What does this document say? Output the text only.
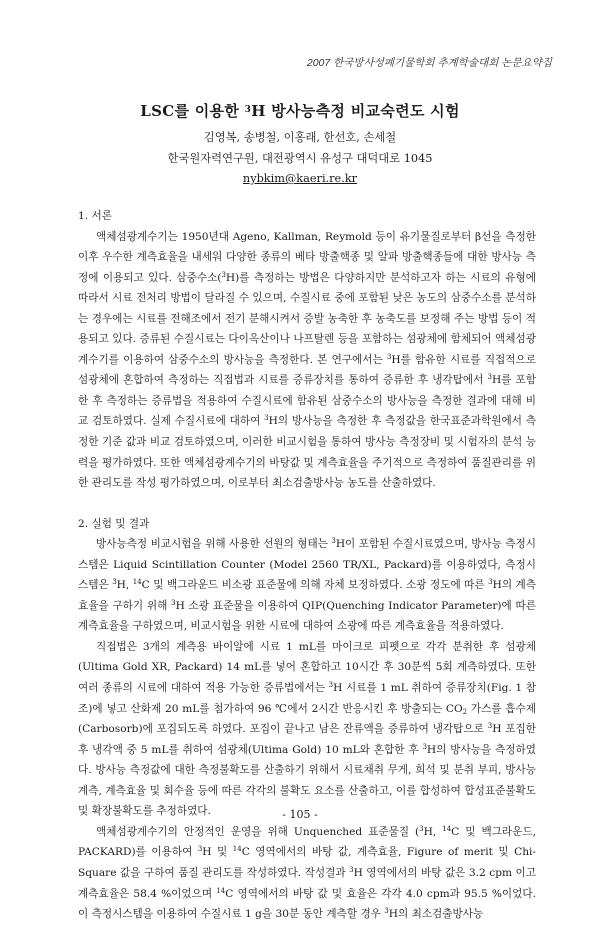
2007 한국방사성폐기물학회 추계학술대회 논문요약집
LSC를 이용한 $^3$H 방사능측정 비교숙련도 시험
김영복, 송병철, 이홍래, 한선호, 손세철
한국원자력연구원, 대전광역시 유성구 대덕대로 1045
nybkim@kaeri.re.kr
1. 서론
액체섬광계수기는 1950년대 Ageno, Kallman, Reymold 등이 유기물질로부터 β선을 측정한 이후 우수한 계측효율을 내세워 다양한 종류의 베타 방출핵종 및 알파 방출핵종들에 대한 방사능 측정에 이용되고 있다. 삼중수소($^3$H)를 측정하는 방법은 다양하지만 분석하고자 하는 시료의 유형에 따라서 시료 전처리 방법이 달라질 수 있으며, 수질시료 중에 포함된 낮은 농도의 삼중수소를 분석하는 경우에는 시료를 전해조에서 전기 분해시켜서 증발 농축한 후 농축도를 보정해 주는 방법 등이 적용되고 있다. 증류된 수질시료는 다이옥산이나 나프탈렌 등을 포함하는 섬광체에 함체되어 액체섬광계수기를 이용하여 삼중수소의 방사능을 측정한다. 본 연구에서는 $^3$H를 함유한 시료를 직접적으로 섬광체에 혼합하여 측정하는 직접법과 시료를 증류장치를 통하여 증류한 후 냉각탑에서 $^3$H를 포함한 후 측정하는 증류법을 적용하여 수질시료에 함유된 삼중수소의 방사능을 측정한 결과에 대해 비교 검토하였다. 실제 수질시료에 대하여 $^3$H의 방사능을 측정한 후 측정값을 한국표준과학원에서 측정한 기준 값과 비교 검토하였으며, 이러한 비교시험을 통하여 방사능 측정장비 및 시험자의 분석 능력을 평가하였다. 또한 액체섬광계수기의 바탕값 및 계측효율을 주기적으로 측정하여 품질관리를 위한 관리도를 작성 평가하였으며, 이로부터 최소검출방사능 농도를 산출하였다.
2. 실험 및 결과
방사능측정 비교시험을 위해 사용한 선원의 형태는 $^3$H이 포함된 수질시료였으며, 방사능 측정시스템은 Liquid Scintillation Counter (Model 2560 TR/XL, Packard)를 이용하였다, 측정시스템은 $^3$H, $^{14}$C 및 백그라운드 비소광 표준물에 의해 자체 보정하였다. 소광 정도에 따른 $^3$H의 계측효율을 구하기 위해 $^3$H 소광 표준물을 이용하여 QIP(Quenching Indicator Parameter)에 따른 계측효율을 구하였으며, 비교시험을 위한 시료에 대하여 소광에 따른 계측효율을 적용하였다.
직접법은 3개의 계측용 바이알에 시료 1 mL를 마이크로 피펫으로 각각 분취한 후 섬광체 (Ultima Gold XR, Packard) 14 mL를 넣어 혼합하고 10시간 후 30분씩 5회 계측하였다. 또한 여러 종류의 시료에 대하여 적용 가능한 증류법에서는 $^3$H 시료를 1 mL 취하여 증류장치(Fig. 1 참조)에 넣고 산화제 20 mL를 첨가하여 96 ℃에서 2시간 반응시킨 후 방출되는 $CO_2$ 가스를 흡수제(Carbosorb)에 포집되도록 하였다. 포집이 끝나고 남은 잔류액을 증류하여 냉각탑으로 $^3$H 포집한 후 냉각액 중 5 mL를 취하여 섬광체(Ultima Gold) 10 mL와 혼합한 후 $^3$H의 방사능을 측정하였다. 방사능 측정값에 대한 측정불확도를 산출하기 위해서 시료채취 무게, 희석 및 분취 부피, 방사능 계측, 계측효율 및 회수율 등에 따른 각각의 불확도 요소를 산출하고, 이를 합성하여 합성표준불확도 및 확장불확도를 추정하였다.
액체섬광계수기의 안정적인 운영을 위해 Unquenched 표준물질 ($^3$H, $^{14}$C 및 백그라운드, PACKARD)를 이용하여 $^3$H 및 $^{14}$C 영역에서의 바탕 값, 계측효율, Figure of merit 및 Chi-Square 값을 구하여 품질 관리도를 작성하였다. 작성결과 $^3$H 영역에서의 바탕 값은 3.2 cpm 이고 계측효율은 58.4 %이었으며 $^{14}$C 영역에서의 바탕 값 및 효율은 각각 4.0 cpm과 95.5 %이었다. 이 측정시스템을 이용하여 수질시료 1 g을 30분 동안 계측할 경우 $^3$H의 최소검출방사능
- 105 -
